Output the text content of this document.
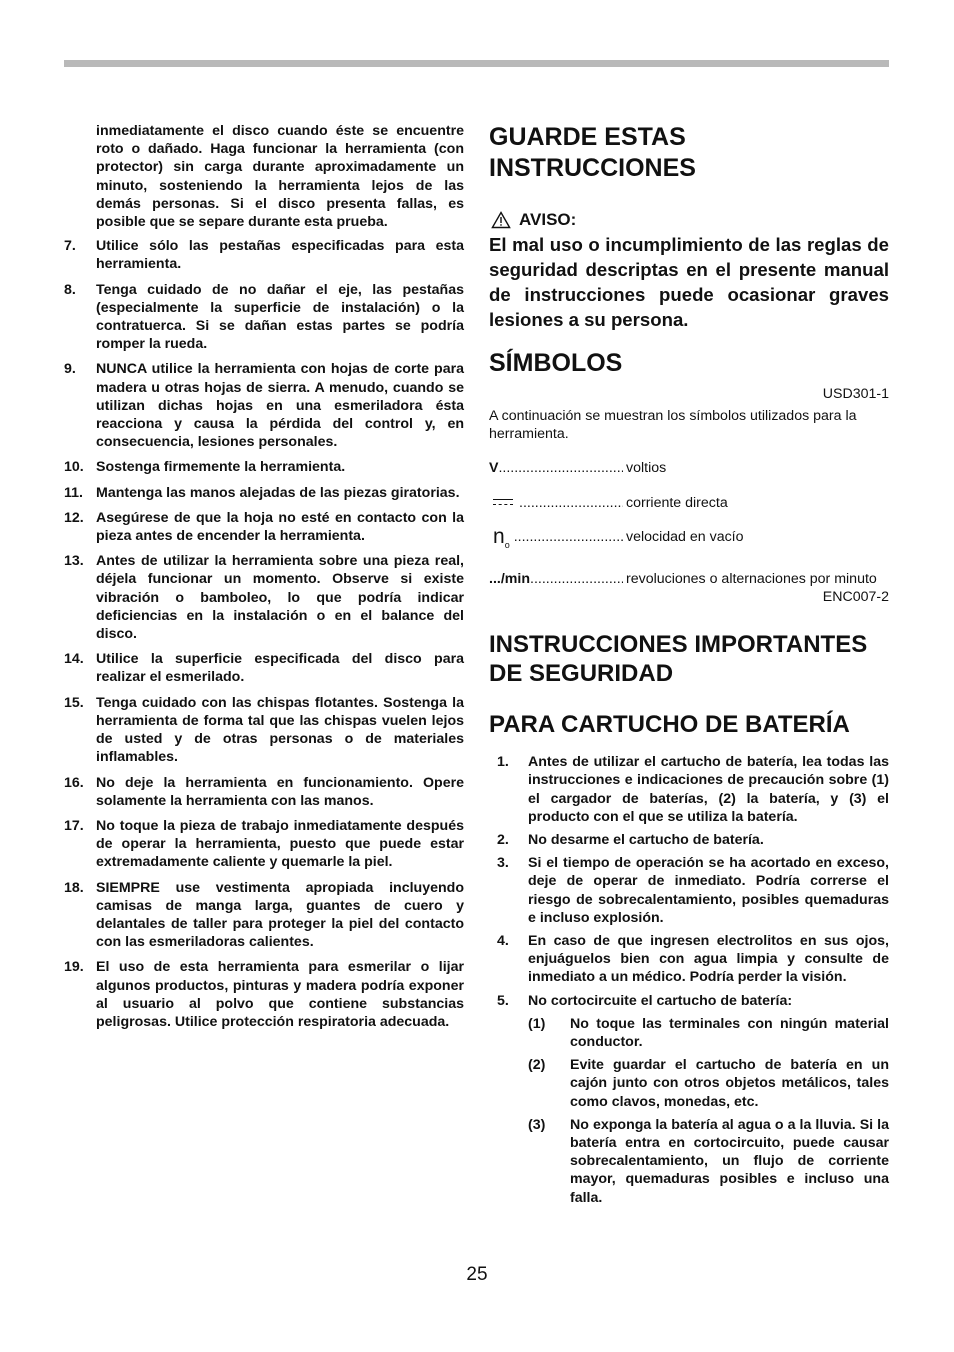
inmediatamente el disco cuando éste se encuentre roto o dañado. Haga funcionar la herramienta (con protector) sin carga durante aproximadamente un minuto, sosteniendo la herramienta lejos de las demás personas. Si el disco presenta fallas, es posible que se separe durante esta prueba.

7. Utilice sólo las pestañas especificadas para esta herramienta.
8. Tenga cuidado de no dañar el eje, las pestañas (especialmente la superficie de instalación) o la contratuerca. Si se dañan estas partes se podría romper la rueda.
9. NUNCA utilice la herramienta con hojas de corte para madera u otras hojas de sierra. A menudo, cuando se utilizan dichas hojas en una esmeriladora ésta reacciona y causa la pérdida del control y, en consecuencia, lesiones personales.
10. Sostenga firmemente la herramienta.
11. Mantenga las manos alejadas de las piezas giratorias.
12. Asegúrese de que la hoja no esté en contacto con la pieza antes de encender la herramienta.
13. Antes de utilizar la herramienta sobre una pieza real, déjela funcionar un momento. Observe si existe vibración o bamboleo, lo que podría indicar deficiencias en la instalación o en el balance del disco.
14. Utilice la superficie especificada del disco para realizar el esmerilado.
15. Tenga cuidado con las chispas flotantes. Sostenga la herramienta de forma tal que las chispas vuelen lejos de usted y de otras personas o de materiales inflamables.
16. No deje la herramienta en funcionamiento. Opere solamente la herramienta con las manos.
17. No toque la pieza de trabajo inmediatamente después de operar la herramienta, puesto que puede estar extremadamente caliente y quemarle la piel.
18. SIEMPRE use vestimenta apropiada incluyendo camisas de manga larga, guantes de cuero y delantales de taller para proteger la piel del contacto con las esmeriladoras calientes.
19. El uso de esta herramienta para esmerilar o lijar algunos productos, pinturas y madera podría exponer al usuario al polvo que contiene substancias peligrosas. Utilice protección respiratoria adecuada.
GUARDE ESTAS INSTRUCCIONES
AVISO:

El mal uso o incumplimiento de las reglas de seguridad descriptas en el presente manual de instrucciones puede ocasionar graves lesiones a su persona.

SÍMBOLOS
USD301-1

A continuación se muestran los símbolos utilizados para la herramienta.

V .....	voltios
.....
corriente directa
$n_o$
.....
velocidad en vacío
.../min .....	revoluciones o alternaciones por minuto
ENC007-2
INSTRUCCIONES IMPORTANTES DE SEGURIDAD
PARA CARTUCHO DE BATERÍA
1. Antes de utilizar el cartucho de batería, lea todas las instrucciones e indicaciones de precaución sobre (1) el cargador de baterías, (2) la batería, y (3) el producto con el que se utiliza la batería.
2. No desarme el cartucho de batería.
3. Si el tiempo de operación se ha acortado en exceso, deje de operar de inmediato. Podría correrse el riesgo de sobrecalentamiento, posibles quemaduras e incluso explosión.
4. En caso de que ingresen electrolitos en sus ojos, enjuáguelos bien con agua limpia y consulte de inmediato a un médico. Podría perder la visión.
5. No cortocircuite el cartucho de batería:
(1) No toque las terminales con ningún material conductor.
(2) Evite guardar el cartucho de batería en un cajón junto con otros objetos metálicos, tales como clavos, monedas, etc.
(3) No exponga la batería al agua o a la lluvia. Si la batería entra en cortocircuito, puede causar sobrecalentamiento, un flujo de corriente mayor, quemaduras posibles e incluso una falla.
25
